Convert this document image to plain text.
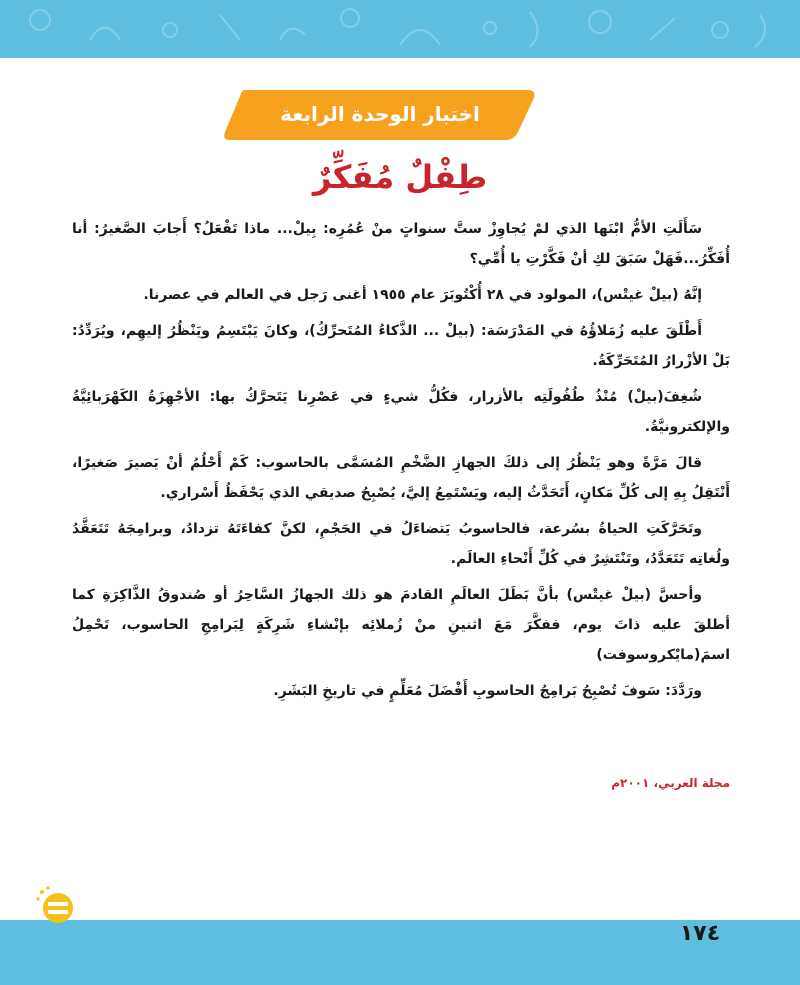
اختبار الوحدة الرابعة
طِفْلٌ مُفَكِّرٌ

سَأَلَتِ الأمُّ ابْنَها الذي لمْ يُجاوِزْ ستَّ سنواتٍ منْ عُمُرِه: بِيلْ... ماذا تَفْعَلُ؟ أَجابَ الصَّغيرُ: أنا أُفَكِّرُ...فَهَلْ سَبَقَ لكِ أنْ فَكَّرْتِ يا أُمِّي؟

إنَّهُ (بيلْ غيتْس)، المولود في ٢٨ أُكْتُوبَرَ عام ١٩٥٥ أغنى رَجل في العالم في عصرنا.

أَطْلَقَ عليه زُمَلاؤُهُ في المَدْرَسَة: (بيلْ ... الذَّكاءُ المُتَحرِّكُ)، وكانَ يَبْتَسِمُ ويَنْظُرُ إليهِم، ويُرَدِّدُ: بَلْ الأزْرارُ المُتَحَرِّكَةُ.

شُغِفَ(بيلْ) مُنْذُ طُفُولَتِه بالأزرار، فكُلُّ شيءٍ في عَصْرِنا يَتَحرَّكُ بها: الأجْهِزَةُ الكَهْرَبائِيَّةُ والإلكترونيَّةُ.

قالَ مَرَّةً وهو يَنْظُرُ إلى ذلكَ الجهازِ الضَّخْمِ المُسَمَّى بالحاسوب: كَمْ أَحْلُمُ أنْ يَصيرَ صَغيرًا، أَنْتَقِلُ بِهِ إلى كُلِّ مَكانٍ، أَتَحَدَّثُ إليه، ويَسْتَمِعُ إليَّ، يُصْبِحُ صديقي الذي يَحْفَظُ أَسْراري.

وتَحَرَّكَتِ الحياةُ بسُرعة، فالحاسوبُ يَتضاءَلُ في الحَجْمِ، لكنَّ كفاءَتَهُ تزدادُ، وبرامِجَهُ تَتَعَقَّدُ ولُغاتِه تَتَعَدَّدُ، وتَنْتَشِرُ في كُلِّ أَنْحاءِ العالَم.

وأحسَّ (بيلْ غيتْس) بأنَّ بَطَلَ العالَمِ القادمَ هو ذلك الجهازُ السَّاحِرُ أو صُندوقُ الذَّاكِرَةِ كما أطلقَ عليه ذاتَ يوم، ففكَّرَ مَعَ اثنينِ منْ زُملائِه بإنْشاءِ شَرِكَةٍ لِبَرامِجِ الحاسوب، تَحْمِلُ اسمَ(مايْكروسوفت)

ورَدَّدَ: سَوفَ تُصْبِحُ بَرامِجُ الحاسوبِ أَفْضَلَ مُعَلِّمٍ في تاريخِ البَشَرِ.

مجلة العربي، ٢٠٠١م
١٧٤
